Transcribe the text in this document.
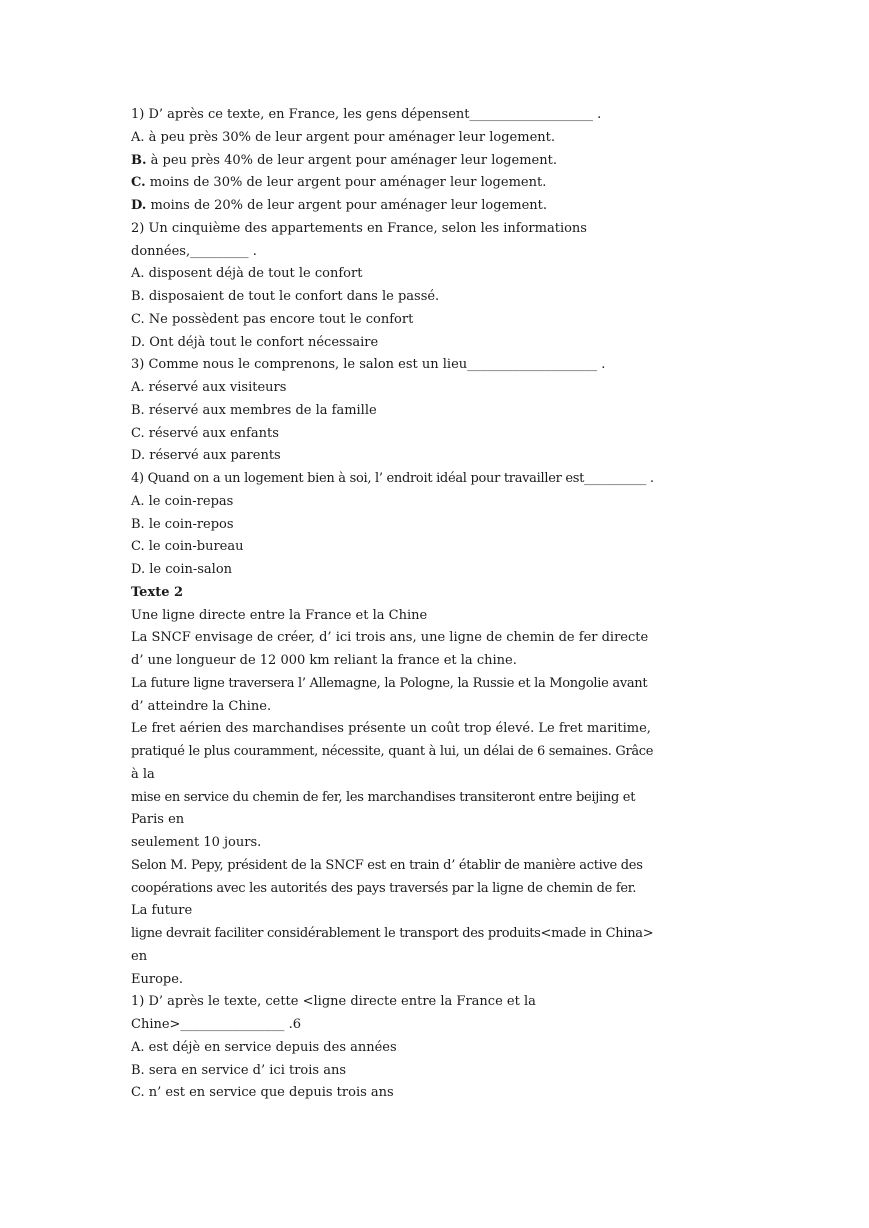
1) D’ après ce texte, en France, les gens dépensent___________________ .
A. à peu près 30% de leur argent pour aménager leur logement.
B. à peu près 40% de leur argent pour aménager leur logement.
C. moins de 30% de leur argent pour aménager leur logement.
D. moins de 20% de leur argent pour aménager leur logement.
2) Un cinquième des appartements en France, selon les informations
données,_________ .
A. disposent déjà de tout le confort
B. disposaient de tout le confort dans le passé.
C. Ne possèdent pas encore tout le confort
D. Ont déjà tout le confort nécessaire
3) Comme nous le comprenons, le salon est un lieu____________________ .
A. réservé aux visiteurs
B. réservé aux membres de la famille
C. réservé aux enfants
D. réservé aux parents
4) Quand on a un logement bien à soi, l’ endroit idéal pour travailler est__________ .
A. le coin-repas
B. le coin-repos
C. le coin-bureau
D. le coin-salon
Texte 2
Une ligne directe entre la France et la Chine
La SNCF envisage de créer, d’ ici trois ans, une ligne de chemin de fer directe
d’ une longueur de 12 000 km reliant la france et la chine.
La future ligne traversera l’ Allemagne, la Pologne, la Russie et la Mongolie avant
d’ atteindre la Chine.
Le fret aérien des marchandises présente un coût trop élevé. Le fret maritime,
pratiqué le plus couramment, nécessite, quant à lui, un délai de 6 semaines. Grâce
à la
mise en service du chemin de fer, les marchandises transiteront entre beijing et
Paris en
seulement 10 jours.
Selon M. Pepy, président de la SNCF est en train d’ établir de manière active des
coopérations avec les autorités des pays traversés par la ligne de chemin de fer.
La future
ligne devrait faciliter considérablement le transport des produits<made in China>
en
Europe.
1) D’ après le texte, cette <ligne directe entre la France et la
Chine>________________ .6
A. est déjè en service depuis des années
B. sera en service d’ ici trois ans
C. n’ est en service que depuis trois ans
